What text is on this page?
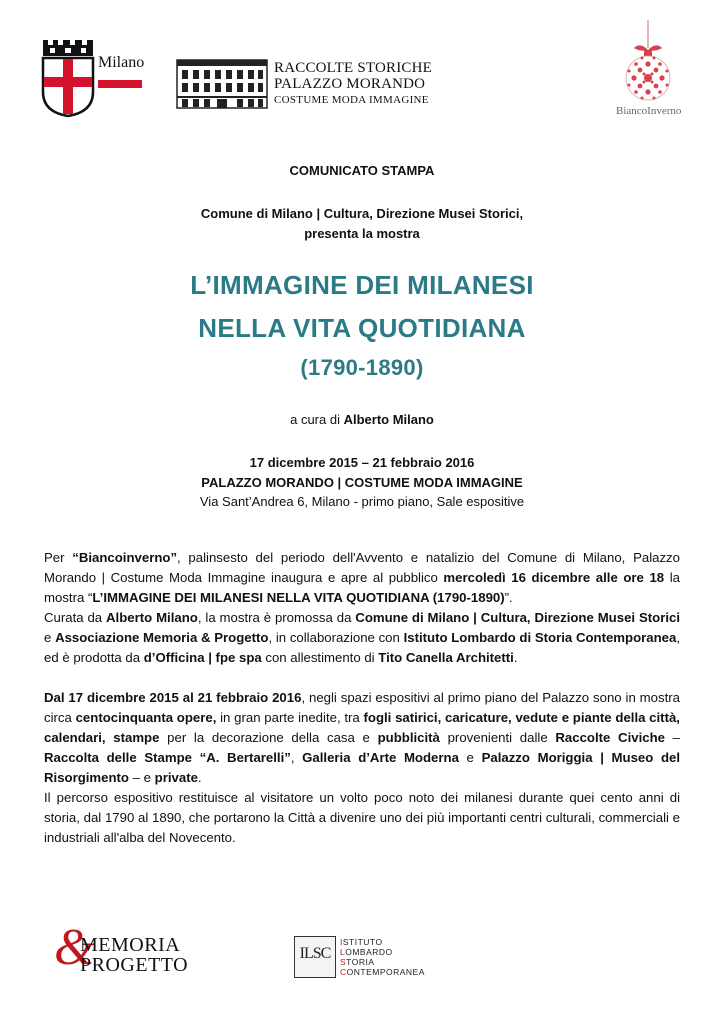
Milano	RACCOLTE STORICHE
PALAZZO MORANDO
COSTUME MODA IMMAGINE
BiancoInverno
COMUNICATO STAMPA
Comune di Milano | Cultura, Direzione Musei Storici,
presenta la mostra
L’IMMAGINE DEI MILANESI
NELLA VITA QUOTIDIANA
(1790-1890)
a cura di Alberto Milano
17 dicembre 2015 – 21 febbraio 2016
PALAZZO MORANDO | COSTUME MODA IMMAGINE
Via Sant’Andrea 6, Milano - primo piano, Sale espositive

Per “Biancoinverno”, palinsesto del periodo dell'Avvento e natalizio del Comune di Milano, Palazzo Morando | Costume Moda Immagine inaugura e apre al pubblico mercoledì 16 dicembre alle ore 18 la mostra “L’IMMAGINE DEI MILANESI NELLA VITA QUOTIDIANA (1790-1890)”.

Curata da Alberto Milano, la mostra è promossa da Comune di Milano | Cultura, Direzione Musei Storici e Associazione Memoria & Progetto, in collaborazione con Istituto Lombardo di Storia Contemporanea, ed è prodotta da d’Officina | fpe spa con allestimento di Tito Canella Architetti.

Dal 17 dicembre 2015 al 21 febbraio 2016, negli spazi espositivi al primo piano del Palazzo sono in mostra circa centocinquanta opere, in gran parte inedite, tra fogli satirici, caricature, vedute e piante della città, calendari, stampe per la decorazione della casa e pubblicità provenienti dalle Raccolte Civiche – Raccolta delle Stampe “A. Bertarelli”, Galleria d’Arte Moderna e Palazzo Moriggia | Museo del Risorgimento – e private.

Il percorso espositivo restituisce al visitatore un volto poco noto dei milanesi durante quei cento anni di storia, dal 1790 al 1890, che portarono la Città a divenire uno dei più importanti centri culturali, commerciali e industriali all'alba del Novecento.

&
MEMORIA
PROGETTO
ILSC
ISTITUTO
LOMBARDO
STORIA
CONTEMPORANEA
